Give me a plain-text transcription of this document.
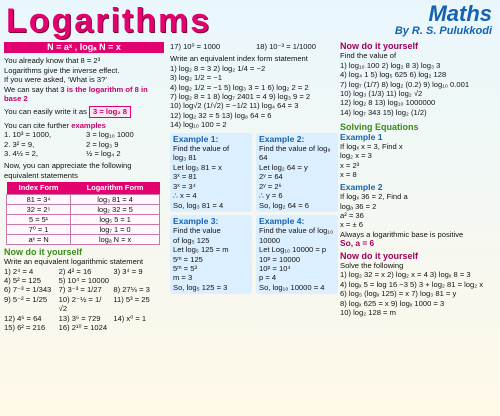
Logarithms	Maths
By R. S. Pulukkodi
N = aˣ , logₐ N = x
You already know that 8 = 2³
Logarithms give the inverse effect.
If you were asked, ‘What is 3?’
We can say that 3 is the logarithm of 8 in base 2
You can easily write it as 3 = log₂ 8
You can cite further examples
1. 10³ = 1000,	3 = log₁₀ 1000
2. 3² = 9,	2 = log₃ 9
3. 4½ = 2,	½ = log₄ 2
Now, you can appreciate the following
equivalent statements
Index Form	Logarithm Form
81 = 3⁴	log₃ 81 = 4
32 = 2⁵	log₂ 32 = 5
5 = 5¹	log₅ 5 = 1
7⁰ = 1	log₇ 1 = 0
aˣ = N	logₐ N = x
Now do it yourself
Write an equivalent logarithmic statement
1) 2⁴ = 4	2) 4² = 16	3) 3⁴ = 9
4) 5² = 125	5) 10⁴ = 10000
6) 7⁻³ = 1/343 7) 3⁻³ = 1/27	8) 27⅓ = 3
9) 5⁻² = 1/25	10) 2⁻½ = 1/√2
11) 5³ = 25
12) 4⁶ = 64	13) 3⁶ = 729	14) x⁰ = 1
15) 6² = 216	16) 2¹⁰ = 1024
17) 10⁰ = 1000	18) 10⁻³ = 1/1000
Write an equivalent index form statement
1) log₂ 8 = 3 2) log₂ 1/4 = −2
3) log₂ 1/2 = −1
4) log₂ 1/2 = −1 5) log₃ 3 = 1 6) log₂ 2 = 2
7) log₂ 8 = 1 8) log₇ 2401 = 4 9) log₃ 9 = 2
10) log√2 (1/√2) = −1/2 11) log₄ 64 = 3
12) log₂ 32 = 5 13) log₈ 64 = 6
14) log₁₀ 100 = 2
Example 1:
Find the value of
log₃ 81
Let log₃ 81 = x
3ˣ = 81
3ˣ = 3⁴
∴ x = 4
So, log₃ 81 = 4
Example 2:
Find the value of log₈ 64
Let log₂ 64 = y
2ʸ = 64
2ʸ = 2⁶
∴ y = 6
So, log₂ 64 = 6
Example 3:
Find the value
of log₅ 125
Let log₅ 125 = m
5ᵐ = 125
5ᵐ = 5³
m = 3
So, log₅ 125 = 3
Example 4:
Find the value of log₁₀ 10000
Let Log₁₀ 10000 = p
10ᵖ = 10000
10ᵖ = 10⁴
p = 4
So, log₁₀ 10000 = 4
Now do it yourself
Find the value of
1) log₁₀ 100 2) log₂ 8 3) log₃ 3
4) log₄ 1 5) log₅ 625 6) log₂ 128
7) log₇ (1/7) 8) log₂ (0.2) 9) log₁₀ 0.001
10) log₃ (1/3) 11) log₂ √2
12) log₂ 8 13) log₁₀ 1000000
14) log₇ 343 15) log₂ (1/2)
Solving Equations
Example 1
If logₓ x = 3, Find x
log₂ x = 3
x = 2³
x = 8
Example 2
If logₓ 36 = 2, Find a
logₐ 36 = 2
a² = 36
x = ± 6
Always a logarithmic base is positive
So, a = 6
Now do it yourself
Solve the following
1) log₂ 32 = x 2) log₂ x = 4 3) logₓ 8 = 3
4) logₓ 5 = log 16 −3 5) 3 + log₂ 81 = log₂ x
6) log₅ (logₓ 125) = x 7) log₃ 81 = y
8) logₓ 625 = x 9) logₓ 1000 = 3
10) log₂ 128 = m
